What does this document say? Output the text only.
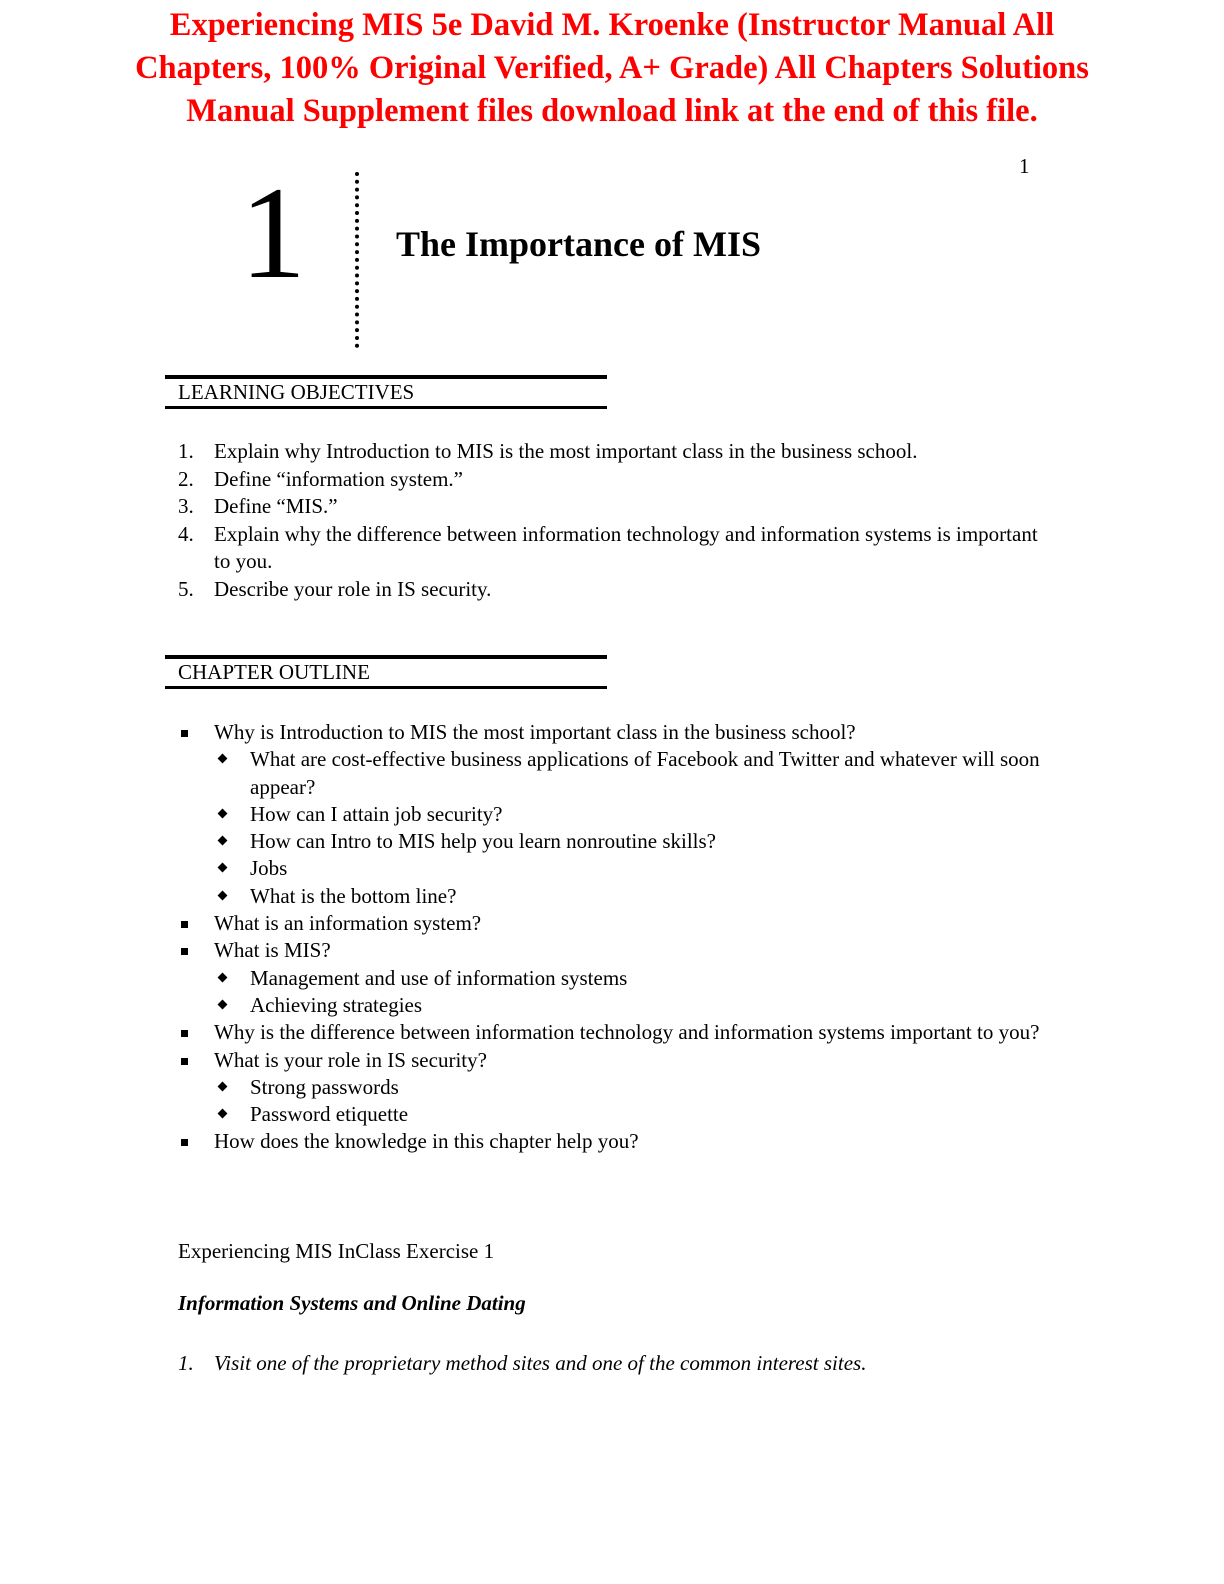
Experiencing MIS 5e David M. Kroenke (Instructor Manual All
Chapters, 100% Original Verified, A+ Grade) All Chapters Solutions
Manual Supplement files download link at the end of this file.
1
1	The Importance of MIS
LEARNING OBJECTIVES
1. Explain why Introduction to MIS is the most important class in the business school.
2. Define “information system.”
3. Define “MIS.”
4. Explain why the difference between information technology and information systems is important to you.
5. Describe your role in IS security.
CHAPTER OUTLINE
Why is Introduction to MIS the most important class in the business school?
What are cost-effective business applications of Facebook and Twitter and whatever will soon appear?
How can I attain job security?
How can Intro to MIS help you learn nonroutine skills?
Jobs
What is the bottom line?
What is an information system?
What is MIS?
Management and use of information systems
Achieving strategies
Why is the difference between information technology and information systems important to you?
What is your role in IS security?
Strong passwords
Password etiquette
How does the knowledge in this chapter help you?
Experiencing MIS InClass Exercise 1
Information Systems and Online Dating
1. Visit one of the proprietary method sites and one of the common interest sites.
